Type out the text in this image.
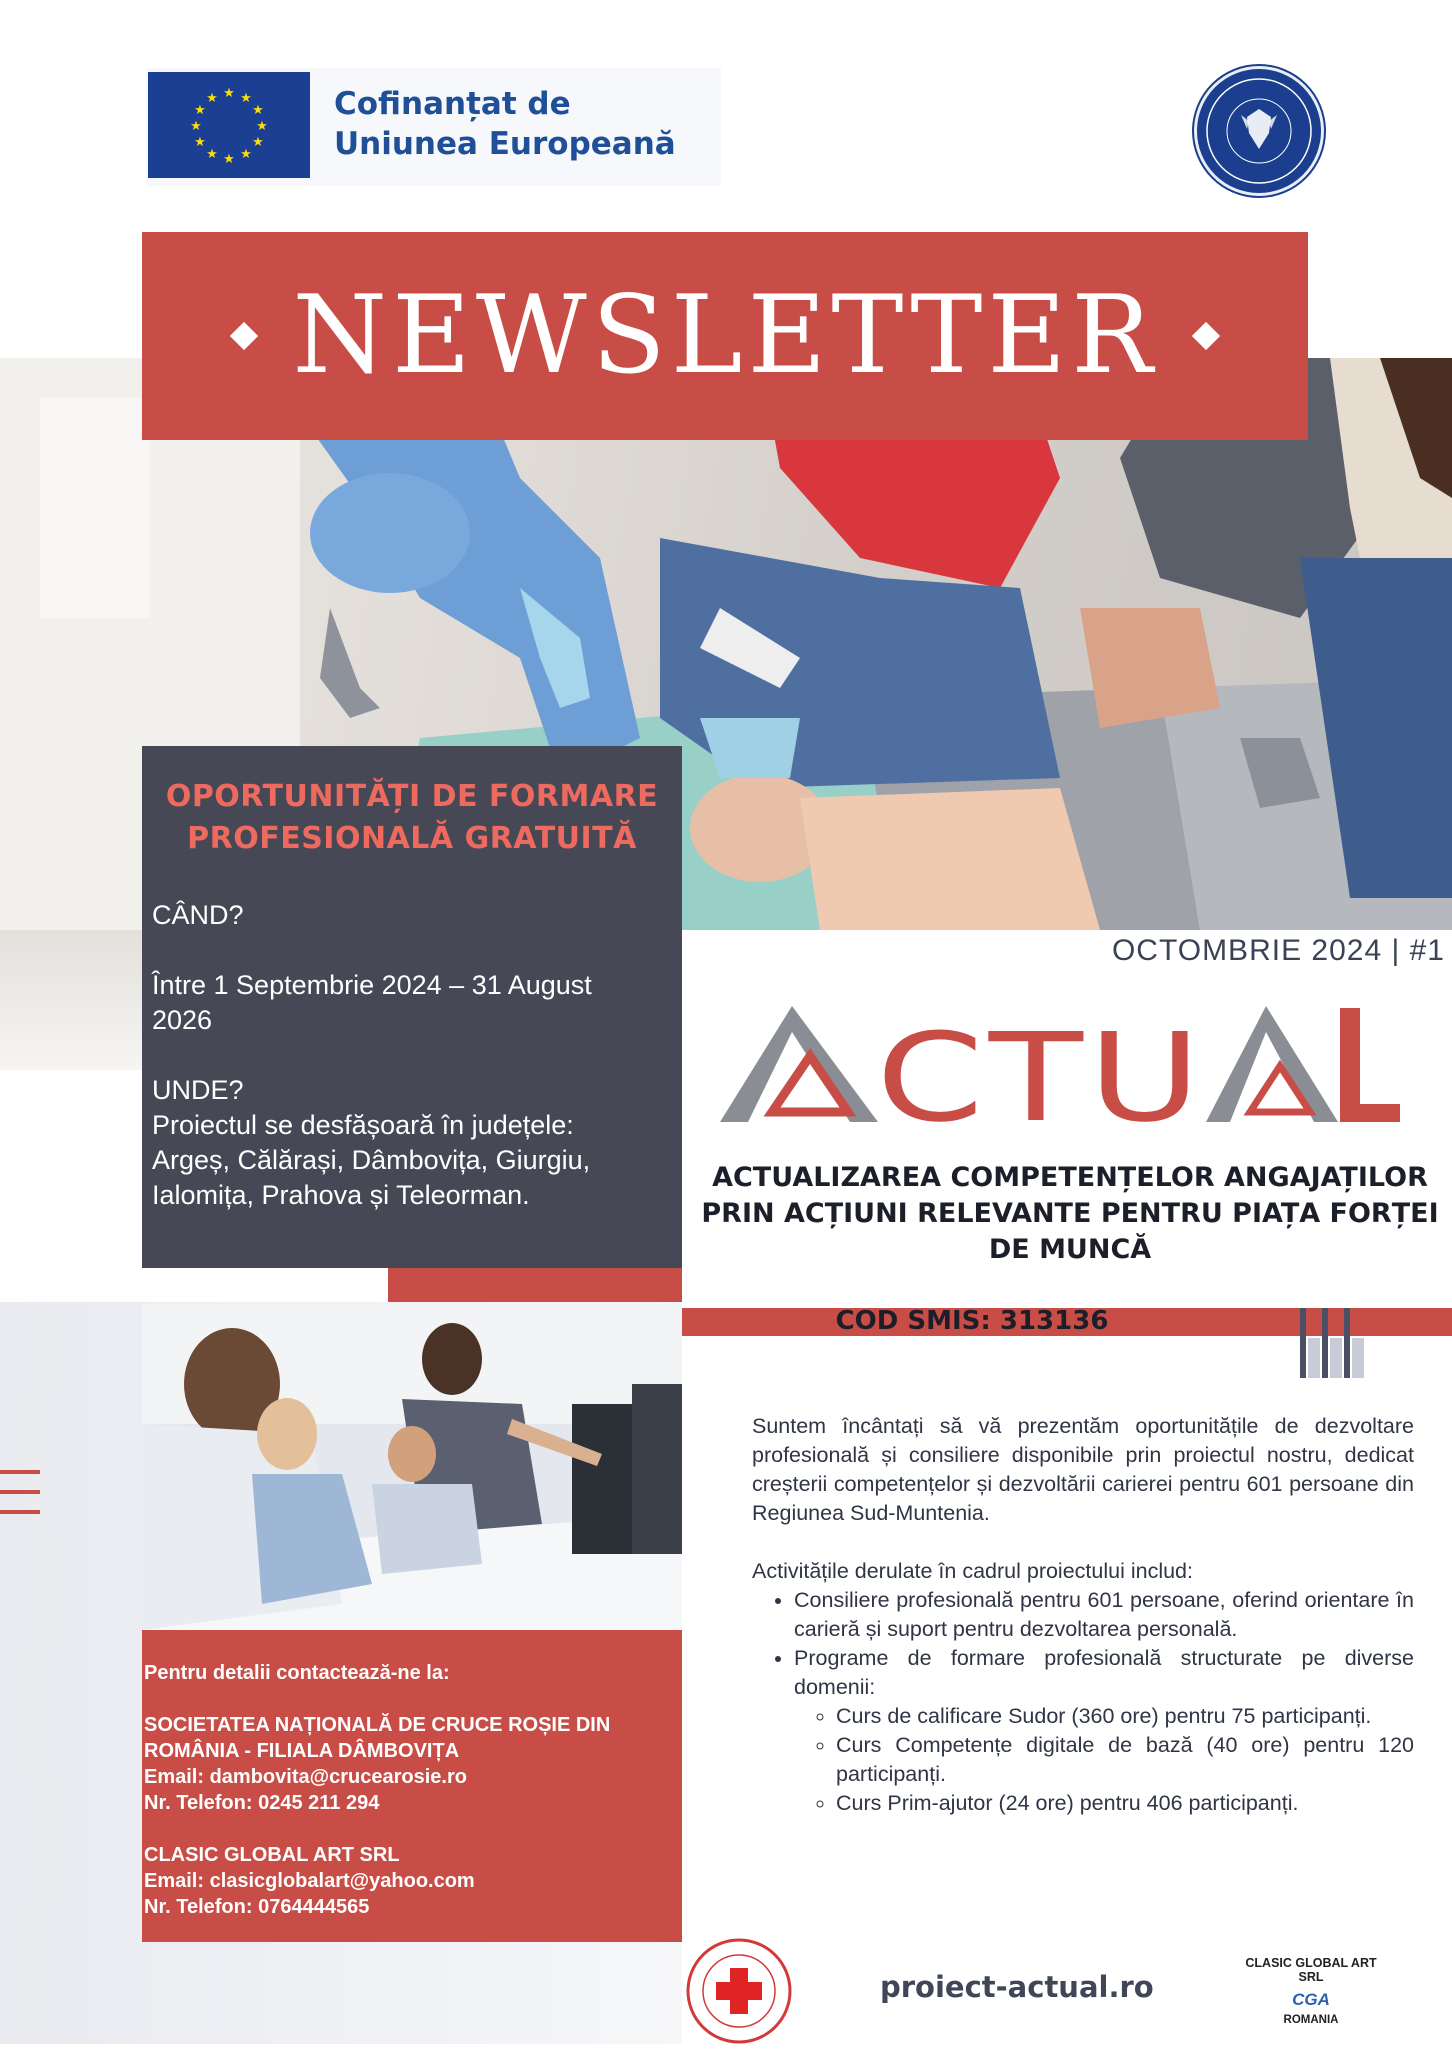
★ ★
★
★
★
★
★
★
★
★
★
★	Cofinanțat de
Uniunea Europeană
NEWSLETTER
OPORTUNITĂȚI DE FORMARE
PROFESIONALĂ GRATUITĂ
CÂND?
Între 1 Septembrie 2024 – 31 August
2026
UNDE?
Proiectul se desfășoară în județele:
Argeș, Călărași, Dâmbovița, Giurgiu,
Ialomița, Prahova și Teleorman.
OCTOMBRIE 2024 | #1
CTU
ACTUALIZAREA COMPETENȚELOR ANGAJAȚILOR
PRIN ACȚIUNI RELEVANTE PENTRU PIAȚA FORȚEI
DE MUNCĂ
COD SMIS: 313136
Pentru detalii contactează-ne la:
SOCIETATEA NAȚIONALĂ DE CRUCE ROȘIE DIN
ROMÂNIA - FILIALA DÂMBOVIȚA
Email: dambovita@crucearosie.ro
Nr. Telefon: 0245 211 294
CLASIC GLOBAL ART SRL
Email: clasicglobalart@yahoo.com
Nr. Telefon: 0764444565

Suntem încântați să vă prezentăm oportunitățile de dezvoltare profesională și consiliere disponibile prin proiectul nostru, dedicat creșterii competențelor și dezvoltării carierei pentru 601 persoane din Regiunea Sud-Muntenia.

Activitățile derulate în cadrul proiectului includ:

• Consiliere profesională pentru 601 persoane, oferind orientare în carieră și suport pentru dezvoltarea personală.
• Programe de formare profesională structurate pe diverse domenii:
◦ Curs de calificare Sudor (360 ore) pentru 75 participanți.
◦ Curs Competențe digitale de bază (40 ore) pentru 120 participanți.
◦ Curs Prim-ajutor (24 ore) pentru 406 participanți.
proiect-actual.ro
CLASIC GLOBAL ART SRL
CGA
ROMANIA
